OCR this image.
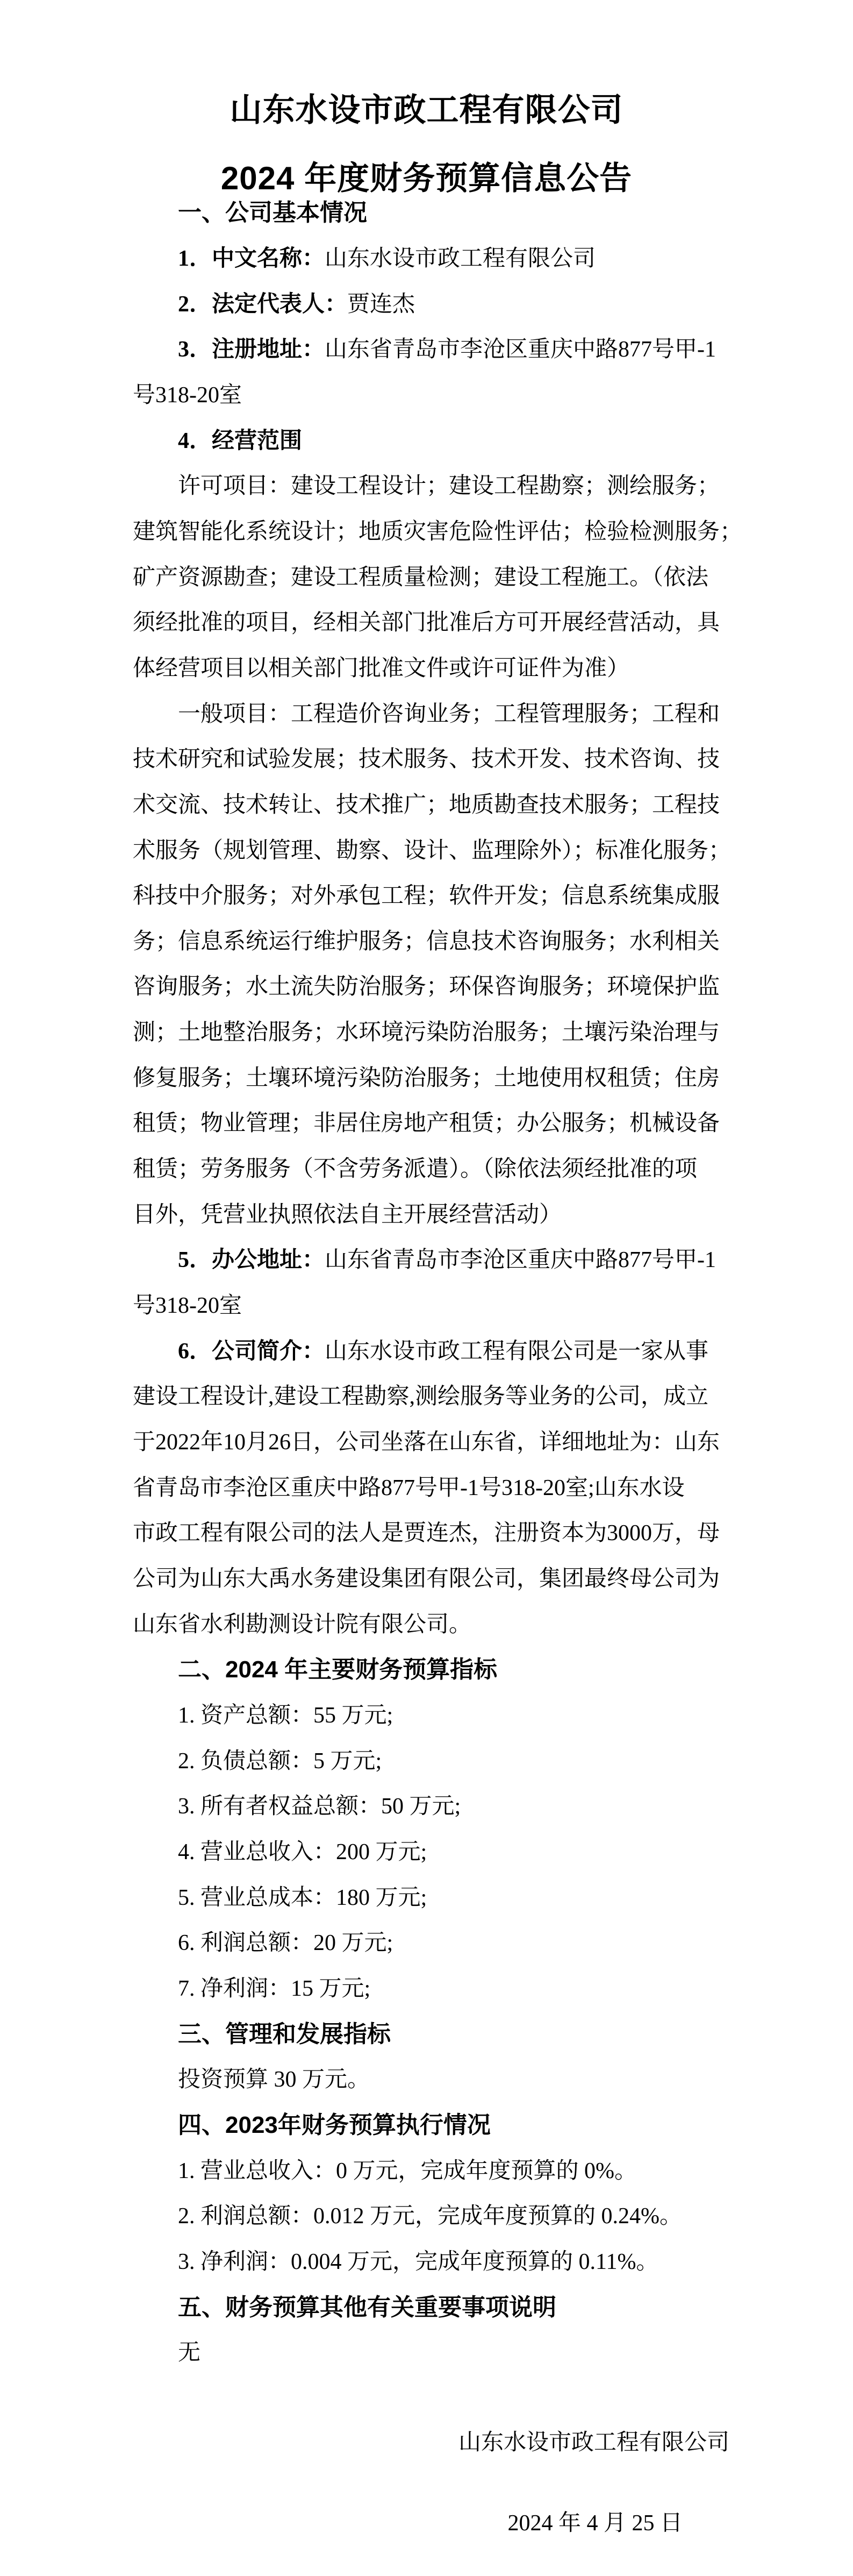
山东水设市政工程有限公司
2024 年度财务预算信息公告
一、公司基本情况
1．中文名称： 山东水设市政工程有限公司
2．法定代表人： 贾连杰
3．注册地址： 山东省青岛市李沧区重庆中路877号甲-1
号318-20室
4．经营范围
许可项目：建设工程设计；建设工程勘察；测绘服务；
建筑智能化系统设计；地质灾害危险性评估；检验检测服务；
矿产资源勘查；建设工程质量检测；建设工程施工。（依法
须经批准的项目，经相关部门批准后方可开展经营活动，具
体经营项目以相关部门批准文件或许可证件为准）
一般项目：工程造价咨询业务；工程管理服务；工程和
技术研究和试验发展；技术服务、技术开发、技术咨询、技
术交流、技术转让、技术推广；地质勘查技术服务；工程技
术服务（规划管理、勘察、设计、监理除外）；标准化服务；
科技中介服务；对外承包工程；软件开发；信息系统集成服
务；信息系统运行维护服务；信息技术咨询服务；水利相关
咨询服务；水土流失防治服务；环保咨询服务；环境保护监
测；土地整治服务；水环境污染防治服务；土壤污染治理与
修复服务；土壤环境污染防治服务；土地使用权租赁；住房
租赁；物业管理；非居住房地产租赁；办公服务；机械设备
租赁；劳务服务（不含劳务派遣）。（除依法须经批准的项
目外，凭营业执照依法自主开展经营活动）
5．办公地址： 山东省青岛市李沧区重庆中路877号甲-1
号318-20室
6．公司简介： 山东水设市政工程有限公司是一家从事
建设工程设计,建设工程勘察,测绘服务等业务的公司，成立
于2022年10月26日，公司坐落在山东省，详细地址为：山东
省青岛市李沧区重庆中路877号甲-1号318-20室;山东水设
市政工程有限公司的法人是贾连杰，注册资本为3000万，母
公司为山东大禹水务建设集团有限公司，集团最终母公司为
山东省水利勘测设计院有限公司。
二、2024 年主要财务预算指标
1. 资产总额：55 万元;
2. 负债总额：5 万元;
3. 所有者权益总额：50 万元;
4. 营业总收入：200 万元;
5. 营业总成本：180 万元;
6. 利润总额：20 万元;
7. 净利润：15 万元;
三、管理和发展指标
投资预算 30 万元。
四、2023年财务预算执行情况
1. 营业总收入：0 万元，完成年度预算的 0%。
2. 利润总额：0.012 万元，完成年度预算的 0.24%。
3. 净利润：0.004 万元，完成年度预算的 0.11%。
五、财务预算其他有关重要事项说明
无
山东水设市政工程有限公司
2024 年 4 月 25 日
